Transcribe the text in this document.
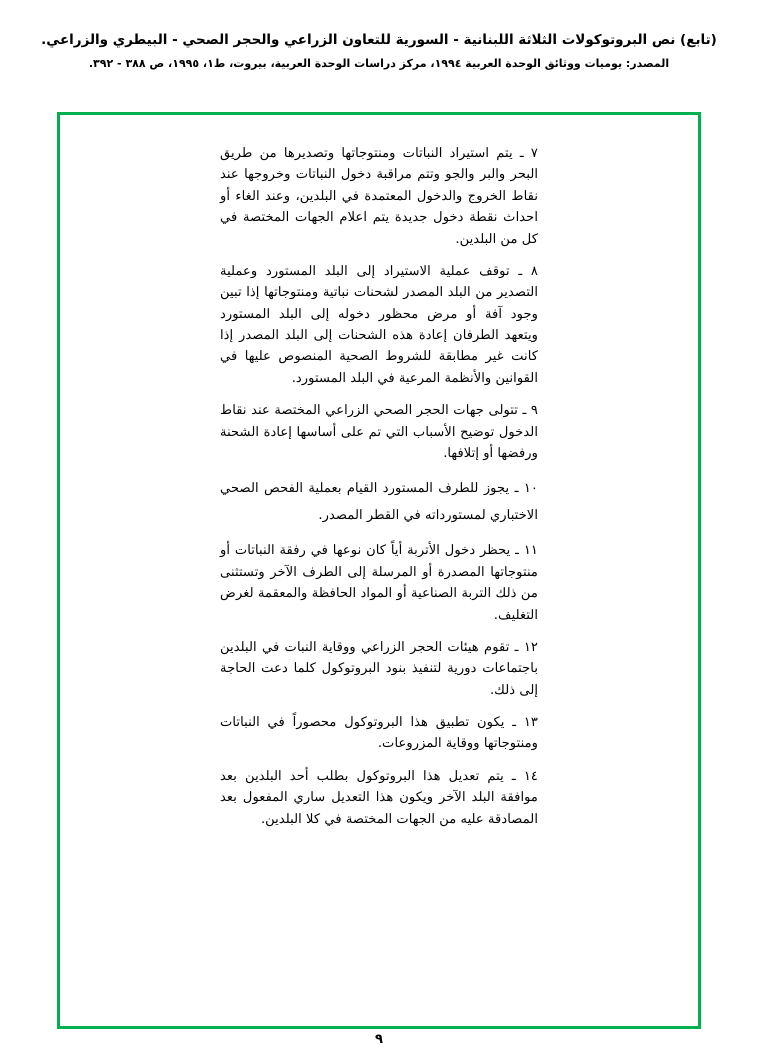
(تابع) نص البروتوكولات الثلاثة اللبنانية - السورية للتعاون الزراعي والحجر الصحي - البيطري والزراعي.
المصدر: يوميات ووثائق الوحدة العربية ١٩٩٤، مركز دراسات الوحدة العربية، بيروت، ط١، ١٩٩٥، ص ٣٨٨ - ٣٩٢.

٧ ـ يتم استيراد النباتات ومنتوجاتها وتصديرها من طريق البحر والبر والجو وتتم مراقبة دخول النباتات وخروجها عند نقاط الخروج والدخول المعتمدة في البلدين، وعند الغاء أو احداث نقطة دخول جديدة يتم اعلام الجهات المختصة في كل من البلدين.

٨ ـ توقف عملية الاستيراد إلى البلد المستورد وعملية التصدير من البلد المصدر لشحنات نباتية ومنتوجاتها إذا تبين وجود آفة أو مرض محظور دخوله إلى البلد المستورد ويتعهد الطرفان إعادة هذه الشحنات إلى البلد المصدر إذا كانت غير مطابقة للشروط الصحية المنصوص عليها في القوانين والأنظمة المرعية في البلد المستورد.

٩ ـ تتولى جهات الحجر الصحي الزراعي المختصة عند نقاط الدخول توضيح الأسباب التي تم على أساسها إعادة الشحنة ورفضها أو إتلافها.

١٠ ـ يجوز للطرف المستورد القيام بعملية الفحص الصحي الاختباري لمستورداته في القطر المصدر.

١١ ـ يحظر دخول الأتربة أياً كان نوعها في رفقة النباتات أو منتوجاتها المصدرة أو المرسلة إلى الطرف الآخر وتستثنى من ذلك التربة الصناعية أو المواد الحافظة والمعقمة لغرض التغليف.

١٢ ـ تقوم هيئات الحجر الزراعي ووقاية النبات في البلدين باجتماعات دورية لتنفيذ بنود البروتوكول كلما دعت الحاجة إلى ذلك.

١٣ ـ يكون تطبيق هذا البروتوكول محصوراً في النباتات ومنتوجاتها ووقاية المزروعات.

١٤ ـ يتم تعديل هذا البروتوكول بطلب أحد البلدين بعد موافقة البلد الآخر ويكون هذا التعديل ساري المفعول بعد المصادقة عليه من الجهات المختصة في كلا البلدين.

٩
